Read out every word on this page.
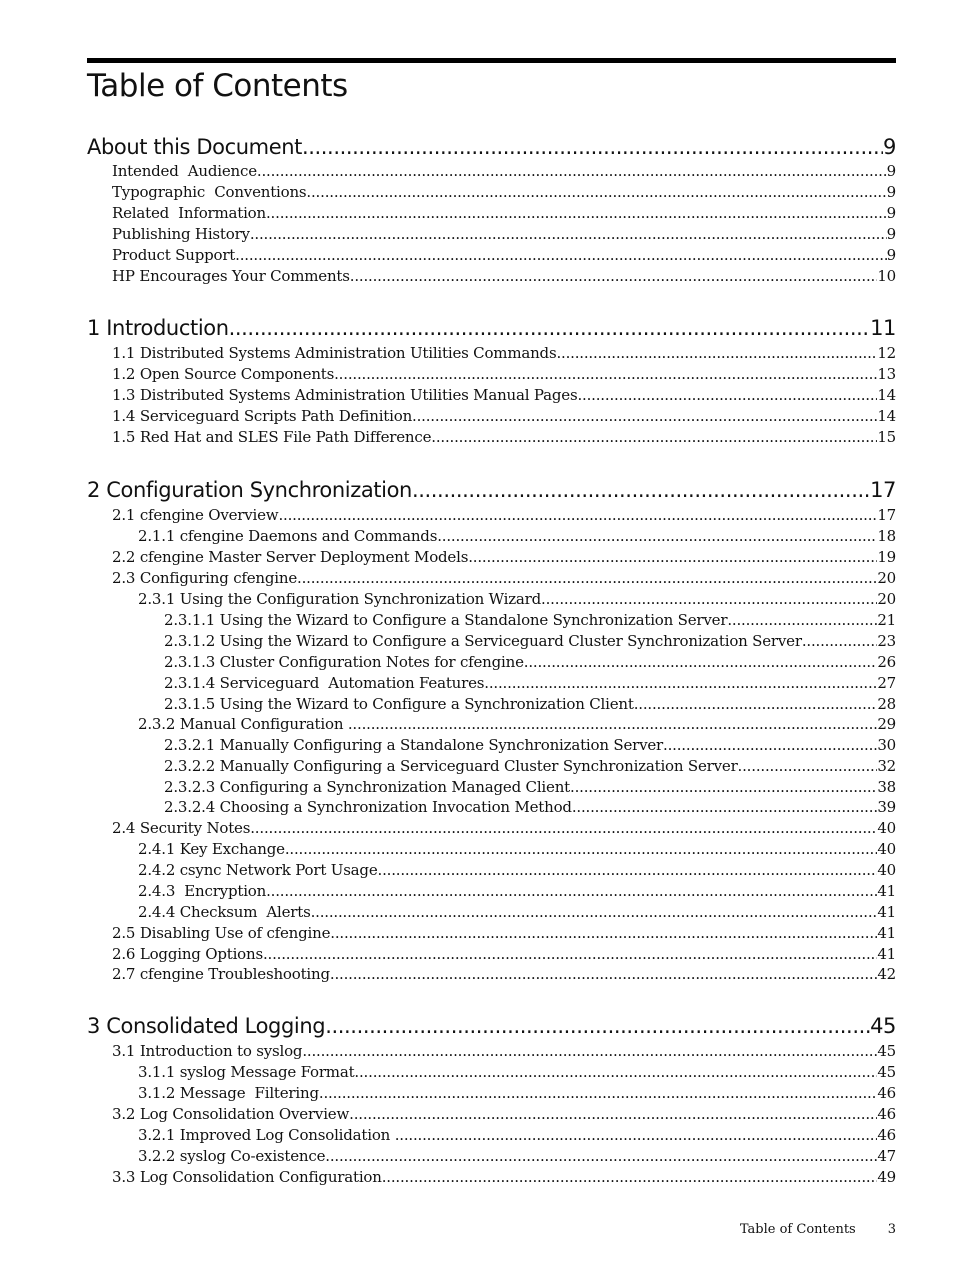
Table of Contents
About this Document .....	9
Intended  Audience .....	9
Typographic  Conventions .....	9
Related  Information .....	9
Publishing History .....	9
Product Support .....	9
HP Encourages Your Comments .....	10
1 Introduction .....	11
1.1 Distributed Systems Administration Utilities Commands .....	12
1.2 Open Source Components .....	13
1.3 Distributed Systems Administration Utilities Manual Pages .....	14
1.4 Serviceguard Scripts Path Definition .....	14
1.5 Red Hat and SLES File Path Difference .....	15
2 Configuration Synchronization .....	17
2.1 cfengine Overview .....	17
2.1.1 cfengine Daemons and Commands .....	18
2.2 cfengine Master Server Deployment Models .....	19
2.3 Configuring cfengine .....	20
2.3.1 Using the Configuration Synchronization Wizard .....	20
2.3.1.1 Using the Wizard to Configure a Standalone Synchronization Server .....	21
2.3.1.2 Using the Wizard to Configure a Serviceguard Cluster Synchronization Server .....	23
2.3.1.3 Cluster Configuration Notes for cfengine .....	26
2.3.1.4 Serviceguard  Automation Features .....	27
2.3.1.5 Using the Wizard to Configure a Synchronization Client .....	28
2.3.2 Manual Configuration .....	29
2.3.2.1 Manually Configuring a Standalone Synchronization Server .....	30
2.3.2.2 Manually Configuring a Serviceguard Cluster Synchronization Server .....	32
2.3.2.3 Configuring a Synchronization Managed Client .....	38
2.3.2.4 Choosing a Synchronization Invocation Method .....	39
2.4 Security Notes .....	40
2.4.1 Key Exchange .....	40
2.4.2 csync Network Port Usage .....	40
2.4.3  Encryption .....	41
2.4.4 Checksum  Alerts .....	41
2.5 Disabling Use of cfengine .....	41
2.6 Logging Options .....	41
2.7 cfengine Troubleshooting .....	42
3 Consolidated Logging .....	45
3.1 Introduction to syslog .....	45
3.1.1 syslog Message Format .....	45
3.1.2 Message  Filtering .....	46
3.2 Log Consolidation Overview .....	46
3.2.1 Improved Log Consolidation .....	46
3.2.2 syslog Co-existence .....	47
3.3 Log Consolidation Configuration .....	49
Table of Contents 3
